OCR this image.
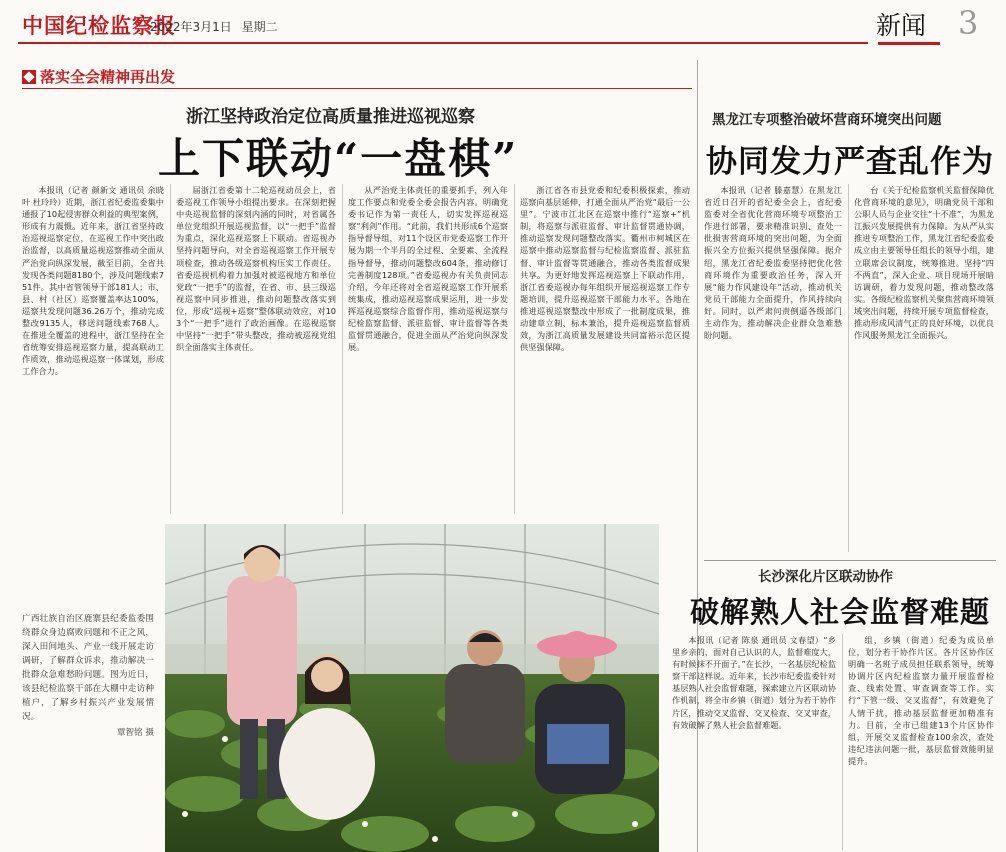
中国纪检监察报
2022年3月1日 星期二	新闻 3
落实全会精神再出发
浙江坚持政治定位高质量推进巡视巡察
上下联动“一盘棋”

本报讯（记者 颜新文 通讯员 余晓叶 杜玲玲）近期，浙江省纪委监委集中通报了10起侵害群众利益的典型案例，形成有力震慑。近年来，浙江省坚持政治巡视巡察定位，在巡视工作中突出政治监督，以高质量巡视巡察推动全面从严治党向纵深发展，截至目前，全省共发现各类问题8180个，涉及问题线索751件。其中省管领导干部181人；市、县、村（社区）巡察覆盖率达100%，巡察共发现问题36.26万个，推动完成整改9135人，移送问题线索768人。在推进全覆盖的进程中，浙江坚持在全省统筹安排巡视巡察力量，提高联动工作质效，推动巡视巡察一体谋划，形成工作合力。

届浙江省委第十二轮巡视动员会上，省委巡视工作领导小组提出要求。在深刻把握中央巡视监督的深刻内涵的同时，对省属各单位党组织开展巡视监督，以“一把手”监督为重点，深化巡视巡察上下联动。省巡视办坚持问题导向，对全省巡视巡察工作开展专项检查，推动各级巡察机构压实工作责任。省委巡视机构着力加强对被巡视地方和单位党政“一把手”的监督，在省、市、县三级巡视巡察中同步推进，推动问题整改落实到位，形成“巡视+巡察”整体联动效应，对103个“一把手”进行了政治画像。在巡视巡察中坚持“一把手”带头整改，推动被巡视党组织全面落实主体责任。

从严治党主体责任的重要抓手，列入年度工作要点和党委全委会报告内容。明确党委书记作为第一责任人，切实发挥巡视巡察“利剑”作用。“此前，我们共形成6个巡察指导督导组，对11个设区市党委巡察工作开展为期一个半月的全过程、全要素、全流程指导督导，推动问题整改604条，推动修订完善制度128项。”省委巡视办有关负责同志介绍，今年还将对全省巡视巡察工作开展系统集成，推动巡视巡察成果运用，进一步发挥巡视巡察综合监督作用，推动巡视巡察与纪检监察监督、派驻监督、审计监督等各类监督贯通融合，促进全面从严治党向纵深发展。

浙江省各市县党委和纪委积极探索，推动巡察向基层延伸，打通全面从严治党“最后一公里”。宁波市江北区在巡察中推行“巡察+”机制，将巡察与派驻监督、审计监督贯通协调，推动巡察发现问题整改落实。衢州市柯城区在巡察中推动巡察监督与纪检监察监督、派驻监督、审计监督等贯通融合，推动各类监督成果共享。为更好地发挥巡视巡察上下联动作用，浙江省委巡视办每年组织开展巡视巡察工作专题培训，提升巡视巡察干部能力水平。各地在推进巡视巡察整改中形成了一批制度成果，推动建章立制、标本兼治，提升巡视巡察监督质效，为浙江高质量发展建设共同富裕示范区提供坚强保障。

黑龙江专项整治破坏营商环境突出问题
协同发力严查乱作为

本报讯（记者 滕嘉慧）在黑龙江省近日召开的省纪委全会上，省纪委监委对全省优化营商环境专项整治工作进行部署，要求精准识别、查处一批损害营商环境的突出问题，为全面振兴全方位振兴提供坚强保障。据介绍，黑龙江省纪委监委坚持把优化营商环境作为重要政治任务，深入开展“能力作风建设年”活动，推动机关党员干部能力全面提升，作风持续向好。同时，以严肃问责倒逼各级部门主动作为，推动解决企业群众急难愁盼问题。

台《关于纪检监察机关监督保障优化营商环境的意见》，明确党员干部和公职人员与企业交往“十不准”，为黑龙江振兴发展提供有力保障。为从严从实推进专项整治工作，黑龙江省纪委监委成立由主要领导任组长的领导小组，建立联席会议制度，统筹推进。坚持“四不两直”，深入企业、项目现场开展暗访调研，着力发现问题，推动整改落实。各级纪检监察机关聚焦营商环境领域突出问题，持续开展专项监督检查，推动形成风清气正的良好环境，以优良作风服务黑龙江全面振兴。

长沙深化片区联动协作
破解熟人社会监督难题

本报讯（记者 陈泉 通讯员 文春望）“乡里乡亲的，面对自己认识的人，监督难度大，有时候抹不开面子。”在长沙，一名基层纪检监察干部这样说。近年来，长沙市纪委监委针对基层熟人社会监督难题，探索建立片区联动协作机制，将全市乡镇（街道）划分为若干协作片区，推动交叉监督、交叉检查、交叉审查，有效破解了熟人社会监督难题。

组，乡镇（街道）纪委为成员单位，划分若干协作片区。各片区协作区明确一名班子成员担任联系领导，统筹协调片区内纪检监察力量开展监督检查、线索处置、审查调查等工作。实行“下管一级、交叉监督”，有效避免了人情干扰，推动基层监督更加精准有力。目前，全市已组建13个片区协作组，开展交叉监督检查100余次，查处违纪违法问题一批，基层监督效能明显提升。

广西壮族自治区鹿寨县纪委监委围绕群众身边腐败问题和不正之风，深入田间地头、产业一线开展走访调研，了解群众诉求，推动解决一批群众急难愁盼问题。图为近日，该县纪检监察干部在大棚中走访种植户，了解乡村振兴产业发展情况。
覃智铭 摄
